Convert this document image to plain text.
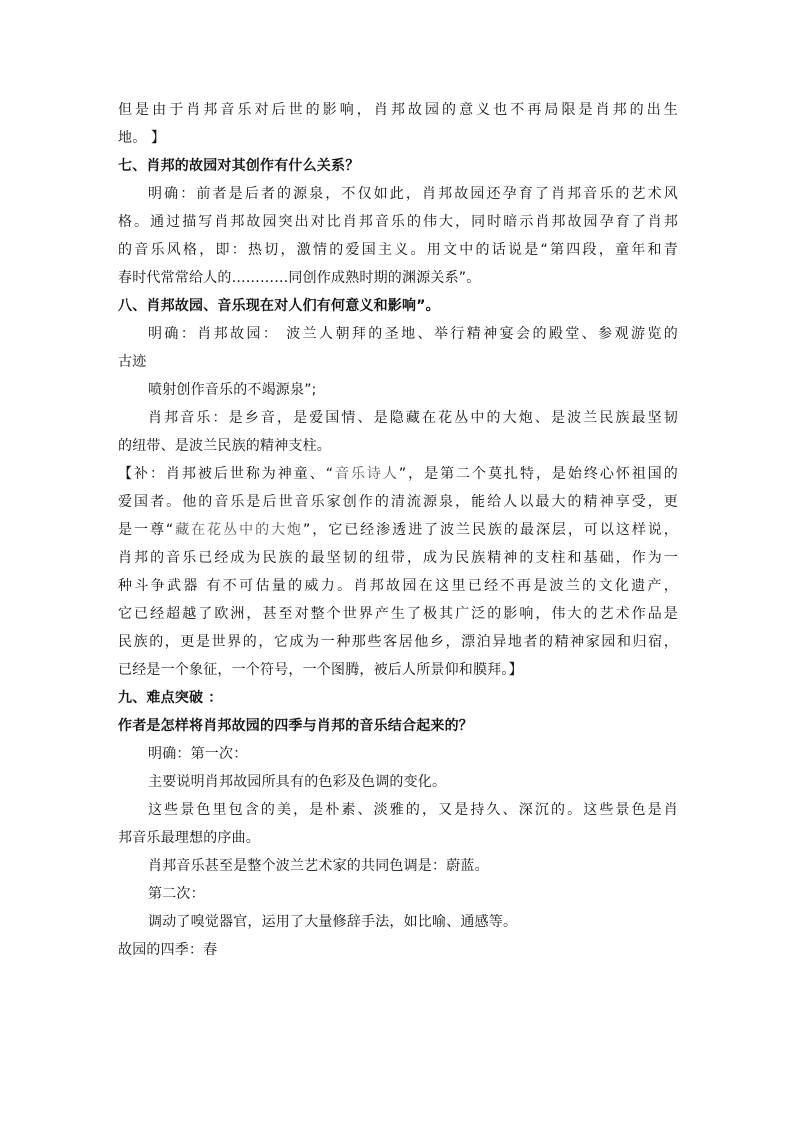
但是由于肖邦音乐对后世的影响，肖邦故园的意义也不再局限是肖邦的出生
地。 】
七、肖邦的故园对其创作有什么关系？
明确：前者是后者的源泉，不仅如此，肖邦故园还孕育了肖邦音乐的艺术风
格。通过描写肖邦故园突出对比肖邦音乐的伟大，同时暗示肖邦故园孕育了肖邦
的音乐风格，即：热切，激情的爱国主义。用文中的话说是“第四段，童年和青
春时代常常给人的…………同创作成熟时期的渊源关系”。
八、肖邦故园、音乐现在对人们有何意义和影响”。
明确：肖邦故园： 波兰人朝拜的圣地、举行精神宴会的殿堂、参观游览的
古迹
喷射创作音乐的不竭源泉”;
肖邦音乐：是乡音，是爱国情、是隐藏在花丛中的大炮、是波兰民族最坚韧
的纽带、是波兰民族的精神支柱。
【补：肖邦被后世称为神童、“音乐诗人”，是第二个莫扎特，是始终心怀祖国的
爱国者。他的音乐是后世音乐家创作的清流源泉，能给人以最大的精神享受，更
是一尊“藏在花丛中的大炮”，它已经渗透进了波兰民族的最深层，可以这样说，
肖邦的音乐已经成为民族的最坚韧的纽带，成为民族精神的支柱和基础，作为一
种斗争武器 有不可估量的威力。肖邦故园在这里已经不再是波兰的文化遗产，
它已经超越了欧洲，甚至对整个世界产生了极其广泛的影响，伟大的艺术作品是
民族的，更是世界的，它成为一种那些客居他乡，漂泊异地者的精神家园和归宿，
已经是一个象征，一个符号，一个图腾，被后人所景仰和膜拜。】
九、难点突破 ：
作者是怎样将肖邦故园的四季与肖邦的音乐结合起来的？
明确：第一次：
主要说明肖邦故园所具有的色彩及色调的变化。
这些景色里包含的美，是朴素、淡雅的，又是持久、深沉的。这些景色是肖
邦音乐最理想的序曲。
肖邦音乐甚至是整个波兰艺术家的共同色调是：蔚蓝。
第二次：
调动了嗅觉器官，运用了大量修辞手法，如比喻、通感等。
故园的四季：春
